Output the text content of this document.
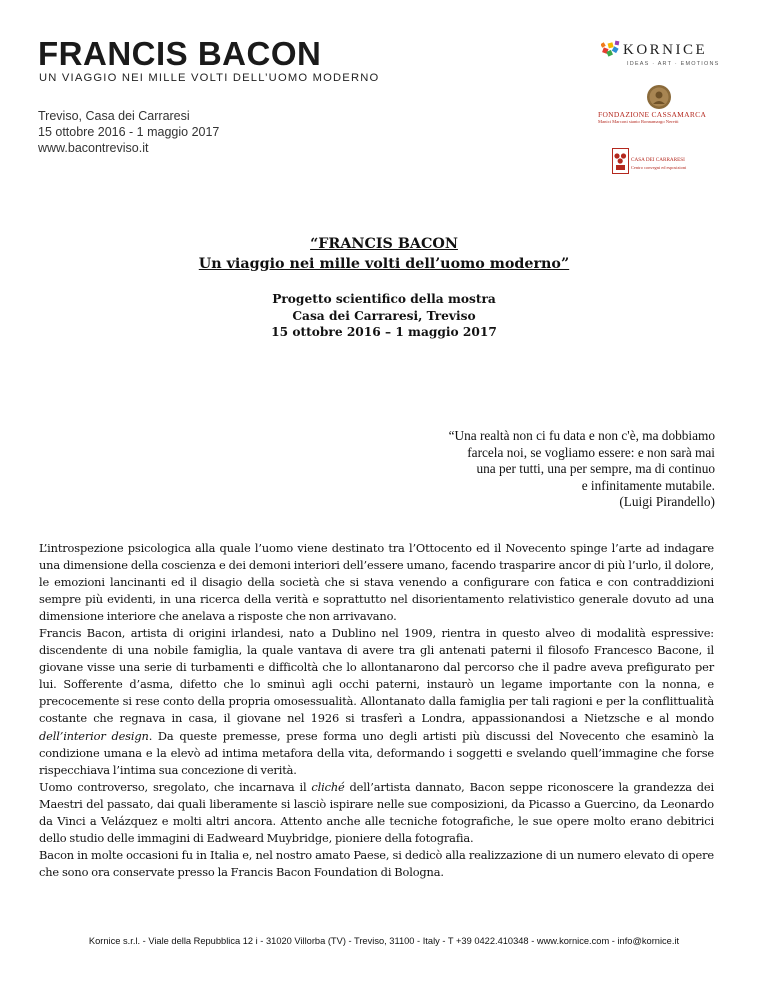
FRANCIS BACON
UN VIAGGIO NEI MILLE VOLTI DELL’UOMO MODERNO
Treviso, Casa dei Carraresi
15 ottobre 2016 - 1 maggio 2017
www.bacontreviso.it
KORNICE
IDEAS · ART · EMOTIONS
FONDAZIONE CASSAMARCA
Manici Marconi stanto Ronnamargo Neretti
CASA DEI CARRARESI
Centro convegni ed esposizioni
“FRANCIS BACON
Un viaggio nei mille volti dell’uomo moderno”
Progetto scientifico della mostra
Casa dei Carraresi, Treviso
15 ottobre 2016 – 1 maggio 2017
“Una realtà non ci fu data e non c'è, ma dobbiamo
farcela noi, se vogliamo essere: e non sarà mai
una per tutti, una per sempre, ma di continuo
e infinitamente mutabile.
(Luigi Pirandello)

L’introspezione psicologica alla quale l’uomo viene destinato tra l’Ottocento ed il Novecento spinge l’arte ad indagare una dimensione della coscienza e dei demoni interiori dell’essere umano, facendo trasparire ancor di più l’urlo, il dolore, le emozioni lancinanti ed il disagio della società che si stava venendo a configurare con fatica e con contraddizioni sempre più evidenti, in una ricerca della verità e soprattutto nel disorientamento relativistico generale dovuto ad una dimensione interiore che anelava a risposte che non arrivavano.

Francis Bacon, artista di origini irlandesi, nato a Dublino nel 1909, rientra in questo alveo di modalità espressive: discendente di una nobile famiglia, la quale vantava di avere tra gli antenati paterni il filosofo Francesco Bacone, il giovane visse una serie di turbamenti e difficoltà che lo allontanarono dal percorso che il padre aveva prefigurato per lui. Sofferente d’asma, difetto che lo sminuì agli occhi paterni, instaurò un legame importante con la nonna, e precocemente si rese conto della propria omosessualità. Allontanato dalla famiglia per tali ragioni e per la conflittualità costante che regnava in casa, il giovane nel 1926 si trasferì a Londra, appassionandosi a Nietzsche e al mondo dell’interior design. Da queste premesse, prese forma uno degli artisti più discussi del Novecento che esaminò la condizione umana e la elevò ad intima metafora della vita, deformando i soggetti e svelando quell’immagine che forse rispecchiava l’intima sua concezione di verità.

Uomo controverso, sregolato, che incarnava il cliché dell’artista dannato, Bacon seppe riconoscere la grandezza dei Maestri del passato, dai quali liberamente si lasciò ispirare nelle sue composizioni, da Picasso a Guercino, da Leonardo da Vinci a Velázquez e molti altri ancora. Attento anche alle tecniche fotografiche, le sue opere molto erano debitrici dello studio delle immagini di Eadweard Muybridge, pioniere della fotografia.

Bacon in molte occasioni fu in Italia e, nel nostro amato Paese, si dedicò alla realizzazione di un numero elevato di opere che sono ora conservate presso la Francis Bacon Foundation di Bologna.

Kornice s.r.l. - Viale della Repubblica 12 i - 31020 Villorba (TV) - Treviso, 31100 - Italy - T +39 0422.410348 - www.kornice.com - info@kornice.it
